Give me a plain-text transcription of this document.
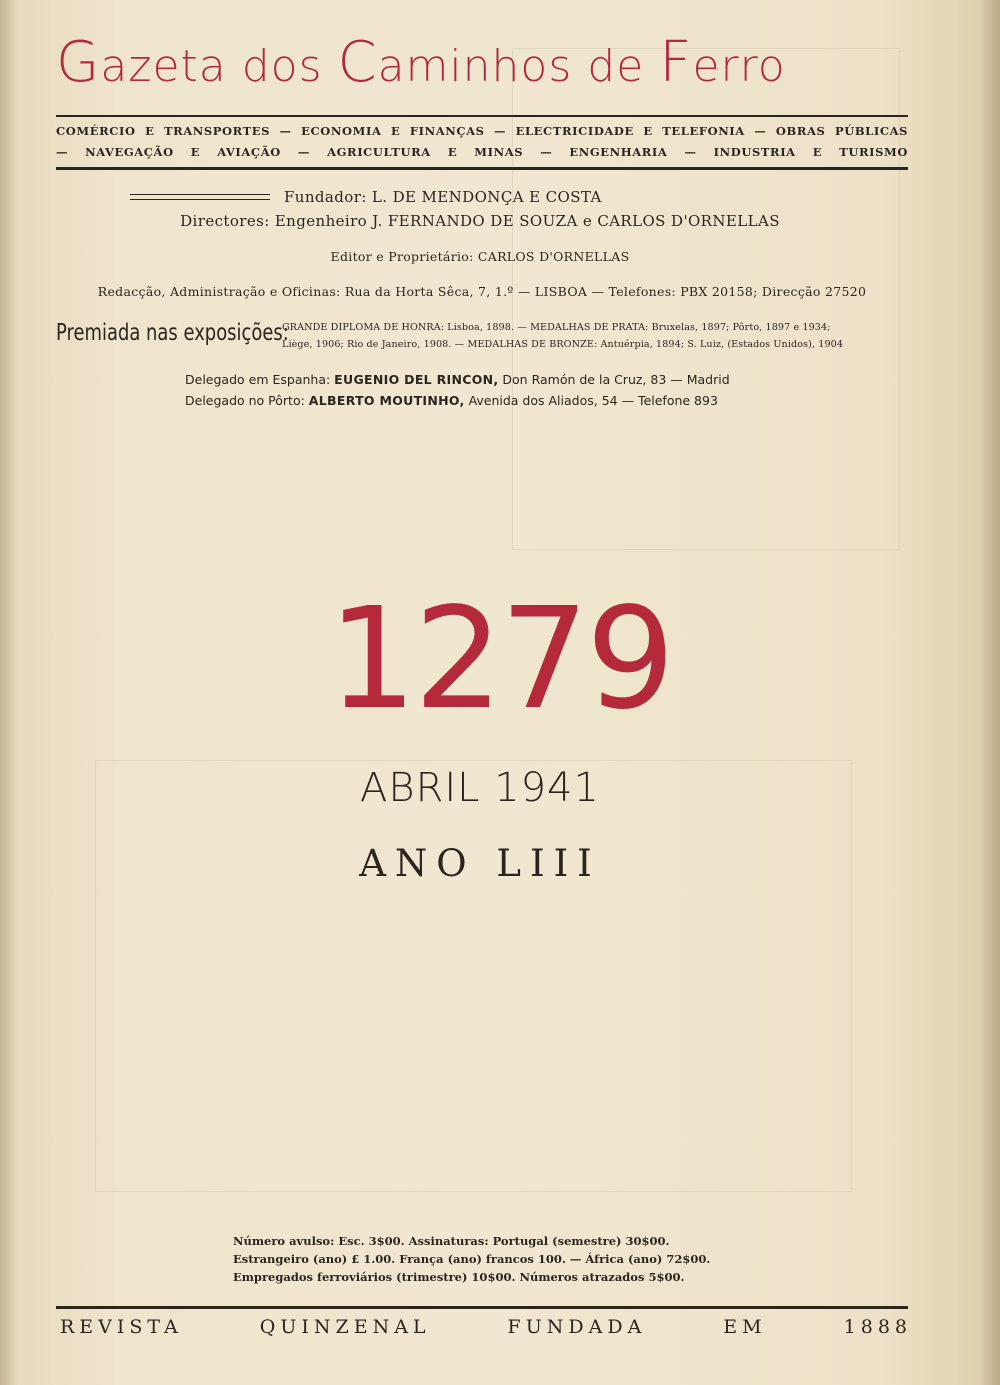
Gazeta dos Caminhos de Ferro
COMÉRCIO E TRANSPORTES — ECONOMIA E FINANÇAS — ELECTRICIDADE E TELEFONIA — OBRAS PÚBLICAS
— NAVEGAÇÃO E AVIAÇÃO — AGRICULTURA E MINAS — ENGENHARIA — INDUSTRIA E TURISMO
Fundador: L. DE MENDONÇA E COSTA
Directores: Engenheiro J. FERNANDO DE SOUZA e CARLOS D'ORNELLAS
Editor e Proprietário: CARLOS D'ORNELLAS
Redacção, Administração e Oficinas: Rua da Horta Sêca, 7, 1.º — LISBOA — Telefones: PBX 20158; Direcção 27520
Premiada nas exposições:
GRANDE DIPLOMA DE HONRA: Lisboa, 1898. — MEDALHAS DE PRATA: Bruxelas, 1897; Pôrto, 1897 e 1934;
Liège, 1906; Rio de Janeiro, 1908. — MEDALHAS DE BRONZE: Antuérpia, 1894; S. Luiz, (Estados Unidos), 1904
Delegado em Espanha: EUGENIO DEL RINCON, Don Ramón de la Cruz, 83 — Madrid
Delegado no Pôrto: ALBERTO MOUTINHO, Avenida dos Aliados, 54 — Telefone 893
1279
ABRIL 1941
ANO LIII
Número avulso: Esc. 3$00. Assinaturas: Portugal (semestre) 30$00.
Estrangeiro (ano) £ 1.00. França (ano) francos 100. — África (ano) 72$00.
Empregados ferroviários (trimestre) 10$00. Números atrazados 5$00.
REVISTA QUINZENAL FUNDADA EM 1888
